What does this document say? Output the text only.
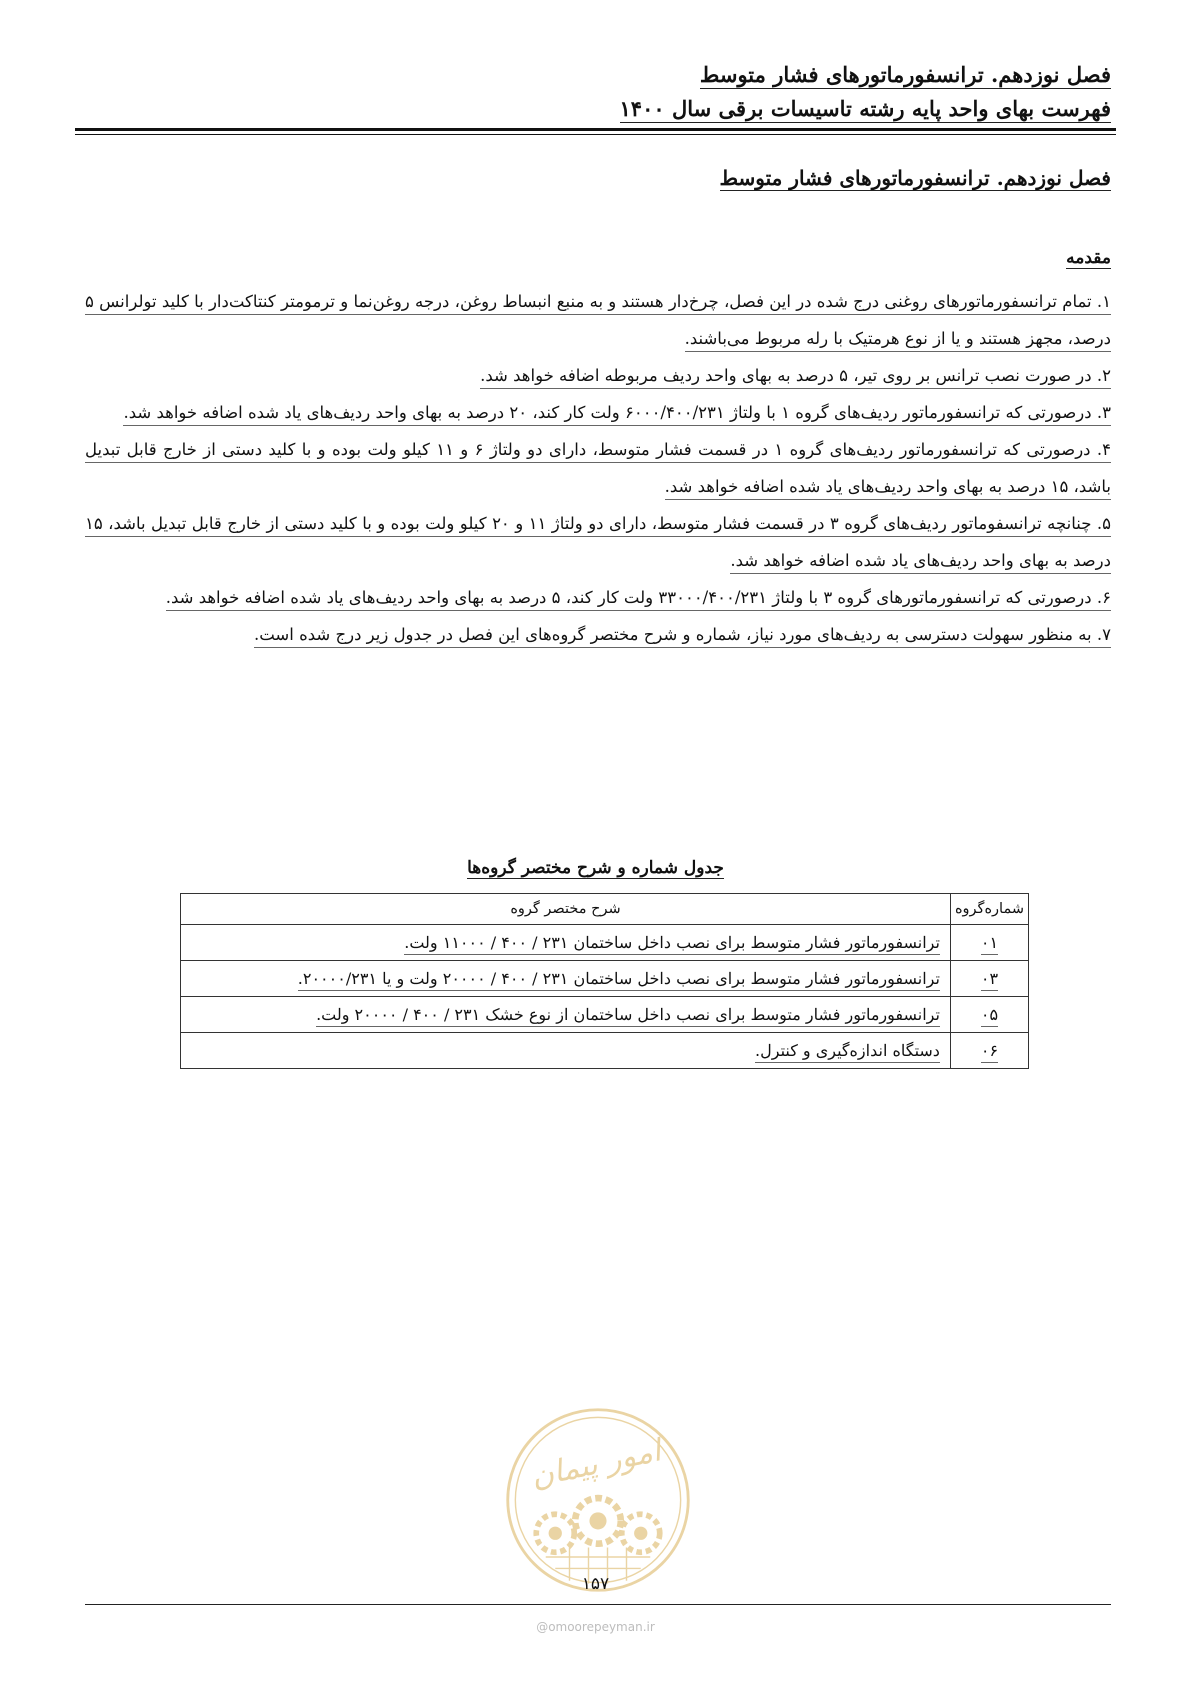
فصل نوزدهم. ترانسفورماتورهای فشار متوسط
فهرست بهای واحد پایه رشته تاسیسات برقی سال ۱۴۰۰
فصل نوزدهم. ترانسفورماتورهای فشار متوسط
مقدمه

۱. تمام ترانسفورماتورهای روغنی درج شده در این فصل، چرخ‌دار هستند و به منبع انبساط روغن، درجه روغن‌نما و ترمومتر کنتاکت‌دار با کلید تولرانس ۵ درصد، مجهز هستند و یا از نوع هرمتیک با رله مربوط می‌باشند.

۲. در صورت نصب ترانس بر روی تیر، ۵ درصد به بهای واحد ردیف مربوطه اضافه خواهد شد.

۳. درصورتی که ترانسفورماتور ردیف‌های گروه ۱ با ولتاژ ۶۰۰۰/۴۰۰/۲۳۱ ولت کار کند، ۲۰ درصد به بهای واحد ردیف‌های یاد شده اضافه خواهد شد.

۴. درصورتی که ترانسفورماتور ردیف‌های گروه ۱ در قسمت فشار متوسط، دارای دو ولتاژ ۶ و ۱۱ کیلو ولت بوده و با کلید دستی از خارج قابل تبدیل باشد، ۱۵ درصد به بهای واحد ردیف‌های یاد شده اضافه خواهد شد.

۵. چنانچه ترانسفوماتور ردیف‌های گروه ۳ در قسمت فشار متوسط، دارای دو ولتاژ ۱۱ و ۲۰ کیلو ولت بوده و با کلید دستی از خارج قابل تبدیل باشد، ۱۵ درصد به بهای واحد ردیف‌های یاد شده اضافه خواهد شد.

۶. درصورتی که ترانسفورماتورهای گروه ۳ با ولتاژ ۳۳۰۰۰/۴۰۰/۲۳۱ ولت کار کند، ۵ درصد به بهای واحد ردیف‌های یاد شده اضافه خواهد شد.

۷. به منظور سهولت دسترسی به ردیف‌های مورد نیاز، شماره و شرح مختصر گروه‌های این فصل در جدول زیر درج شده است.

جدول شماره و شرح مختصر گروه‌ها
شماره‌گروه	شرح مختصر گروه
۰۱	ترانسفورماتور فشار متوسط برای نصب داخل ساختمان ۲۳۱ / ۴۰۰ / ۱۱۰۰۰ ولت.
۰۳	ترانسفورماتور فشار متوسط برای نصب داخل ساختمان ۲۳۱ / ۴۰۰ / ۲۰۰۰۰ ولت و یا ۲۰۰۰۰/۲۳۱.
۰۵	ترانسفورماتور فشار متوسط برای نصب داخل ساختمان از نوع خشک ۲۳۱ / ۴۰۰ / ۲۰۰۰۰ ولت.
۰۶	دستگاه اندازه‌گیری و کنترل.
امور پیمان
۱۵۷
@omoorepeyman.ir
